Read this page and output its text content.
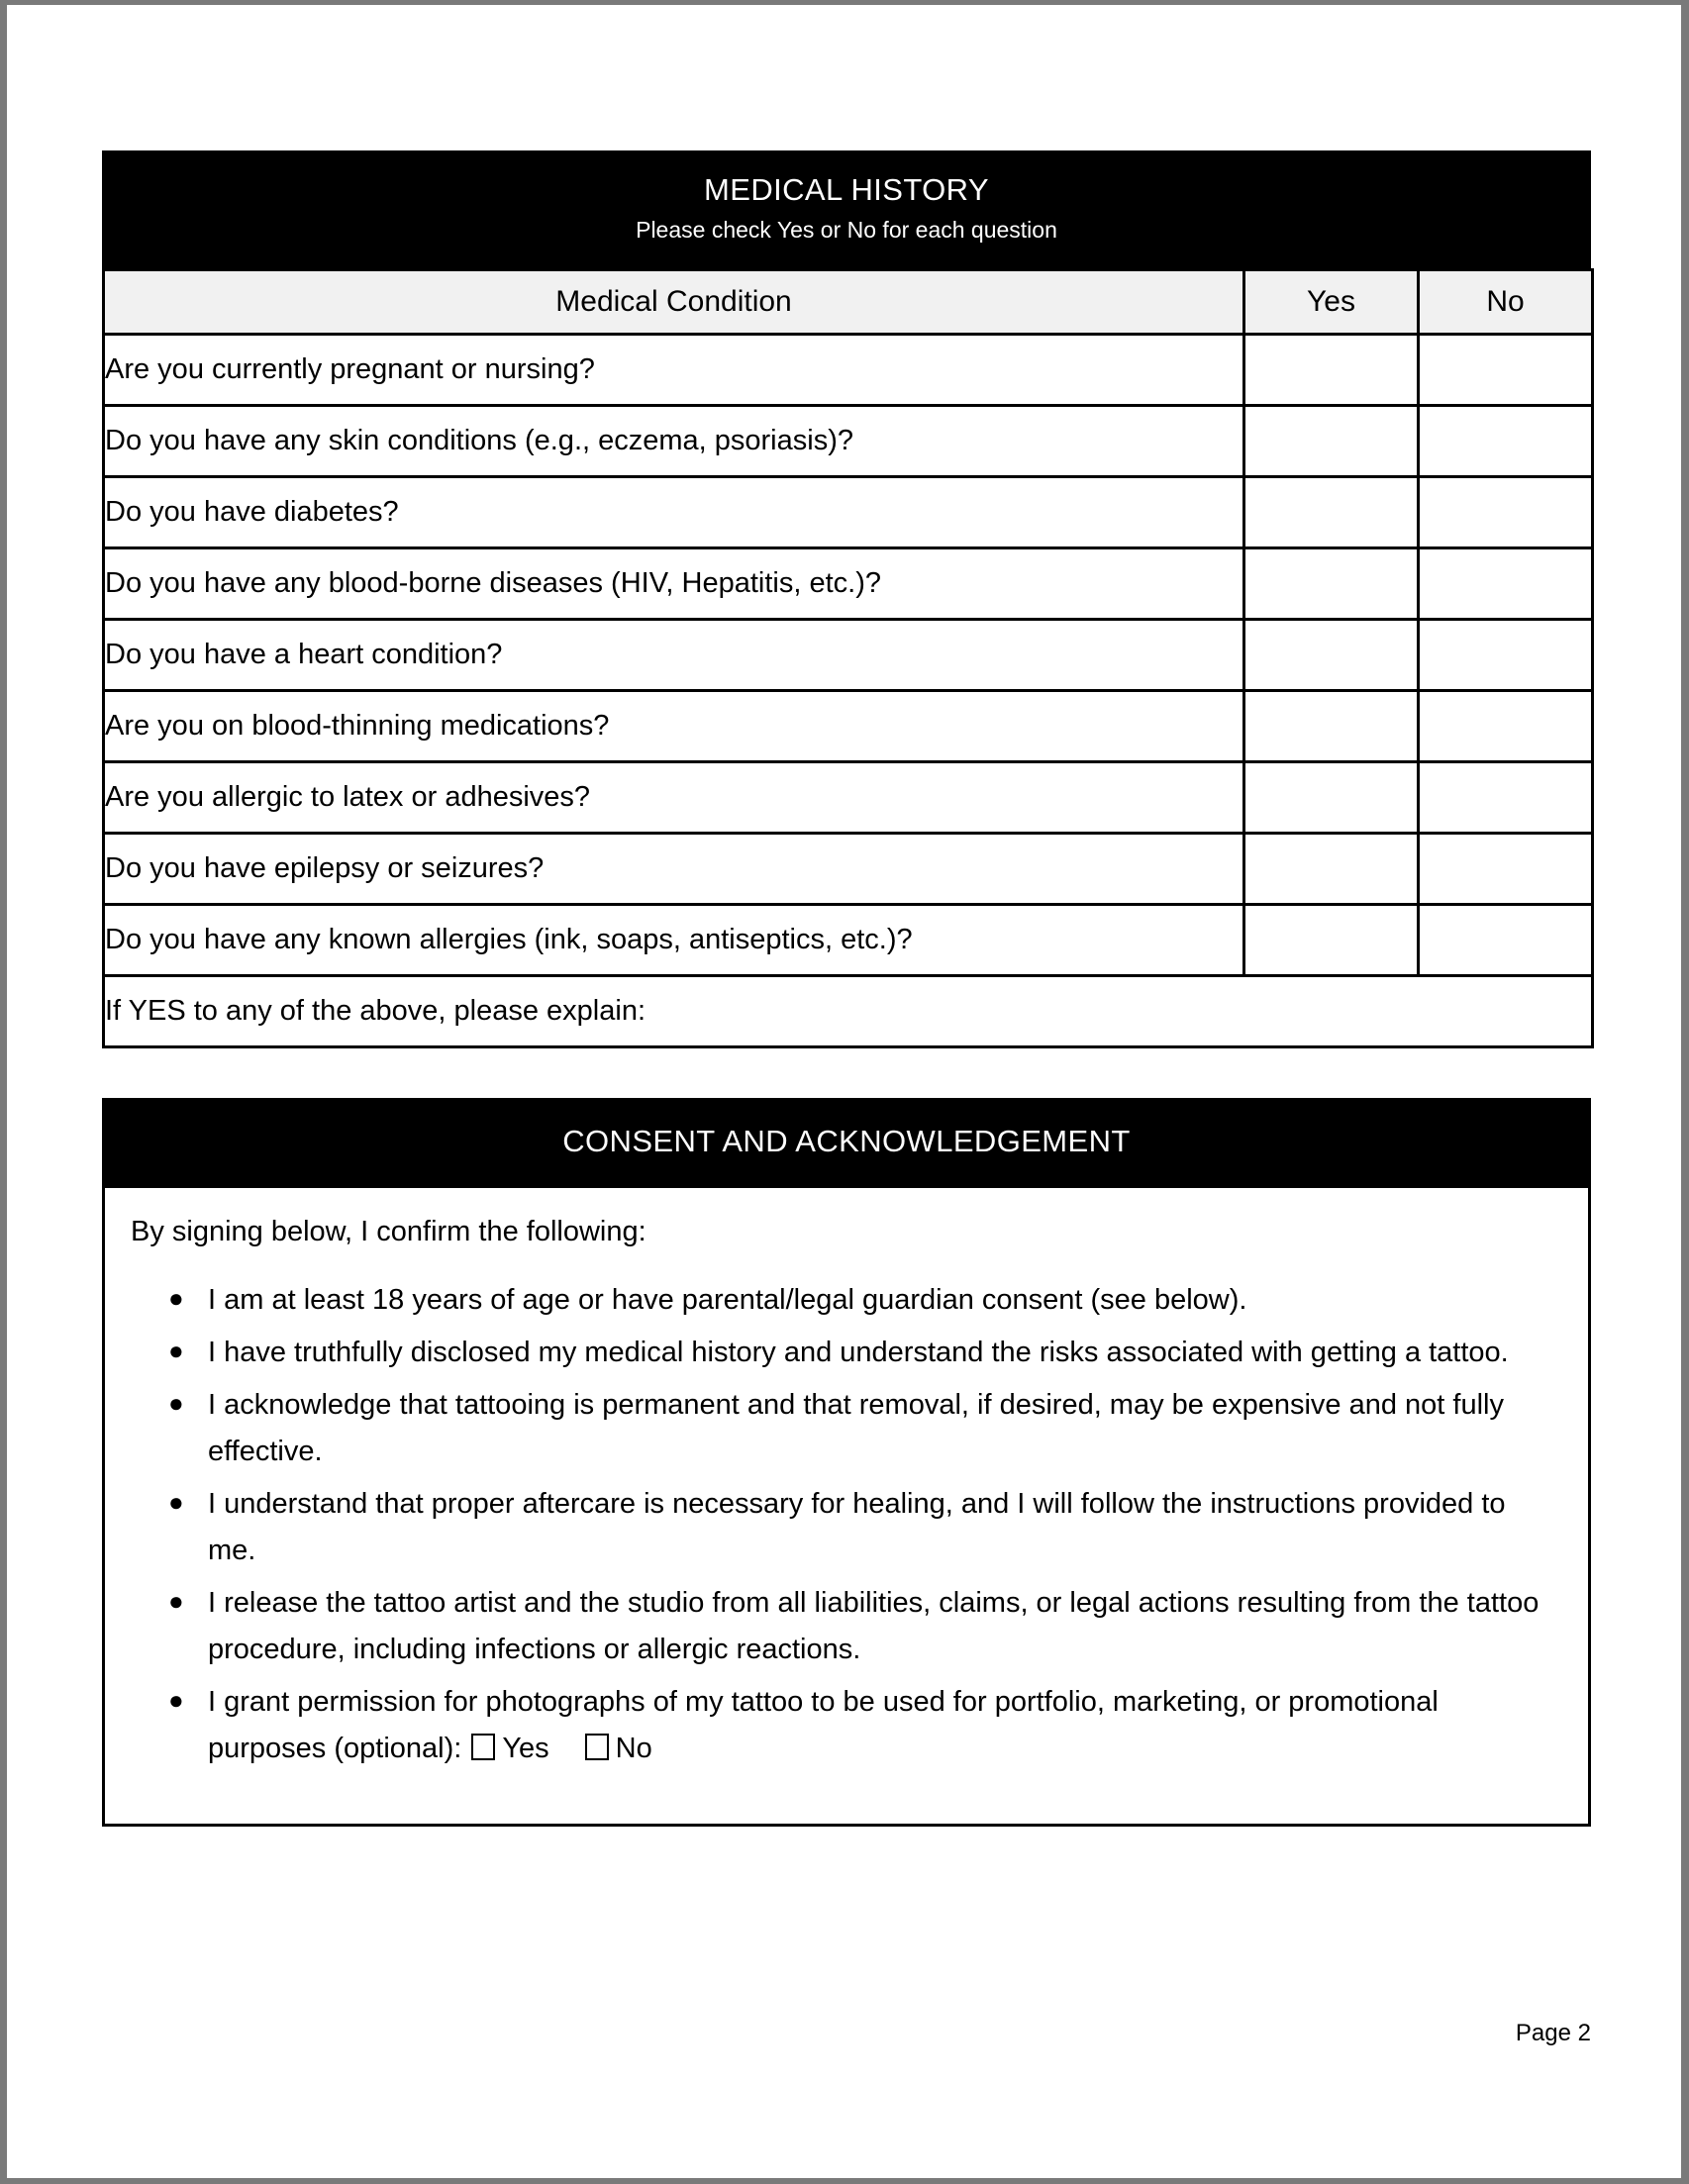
MEDICAL HISTORY
Please check Yes or No for each question
Medical Condition	Yes	No
Are you currently pregnant or nursing?		
Do you have any skin conditions (e.g., eczema, psoriasis)?		
Do you have diabetes?		
Do you have any blood-borne diseases (HIV, Hepatitis, etc.)?		
Do you have a heart condition?		
Are you on blood-thinning medications?		
Are you allergic to latex or adhesives?		
Do you have epilepsy or seizures?		
Do you have any known allergies (ink, soaps, antiseptics, etc.)?		
If YES to any of the above, please explain:		
CONSENT AND ACKNOWLEDGEMENT

By signing below, I confirm the following:

● I am at least 18 years of age or have parental/legal guardian consent (see below).
● I have truthfully disclosed my medical history and understand the risks associated with getting a tattoo.
● I acknowledge that tattooing is permanent and that removal, if desired, may be expensive and not fully effective.
● I understand that proper aftercare is necessary for healing, and I will follow the instructions provided to me.
● I release the tattoo artist and the studio from all liabilities, claims, or legal actions resulting from the tattoo procedure, including infections or allergic reactions.
● I grant permission for photographs of my tattoo to be used for portfolio, marketing, or promotional purposes (optional): Yes No
Page 2
